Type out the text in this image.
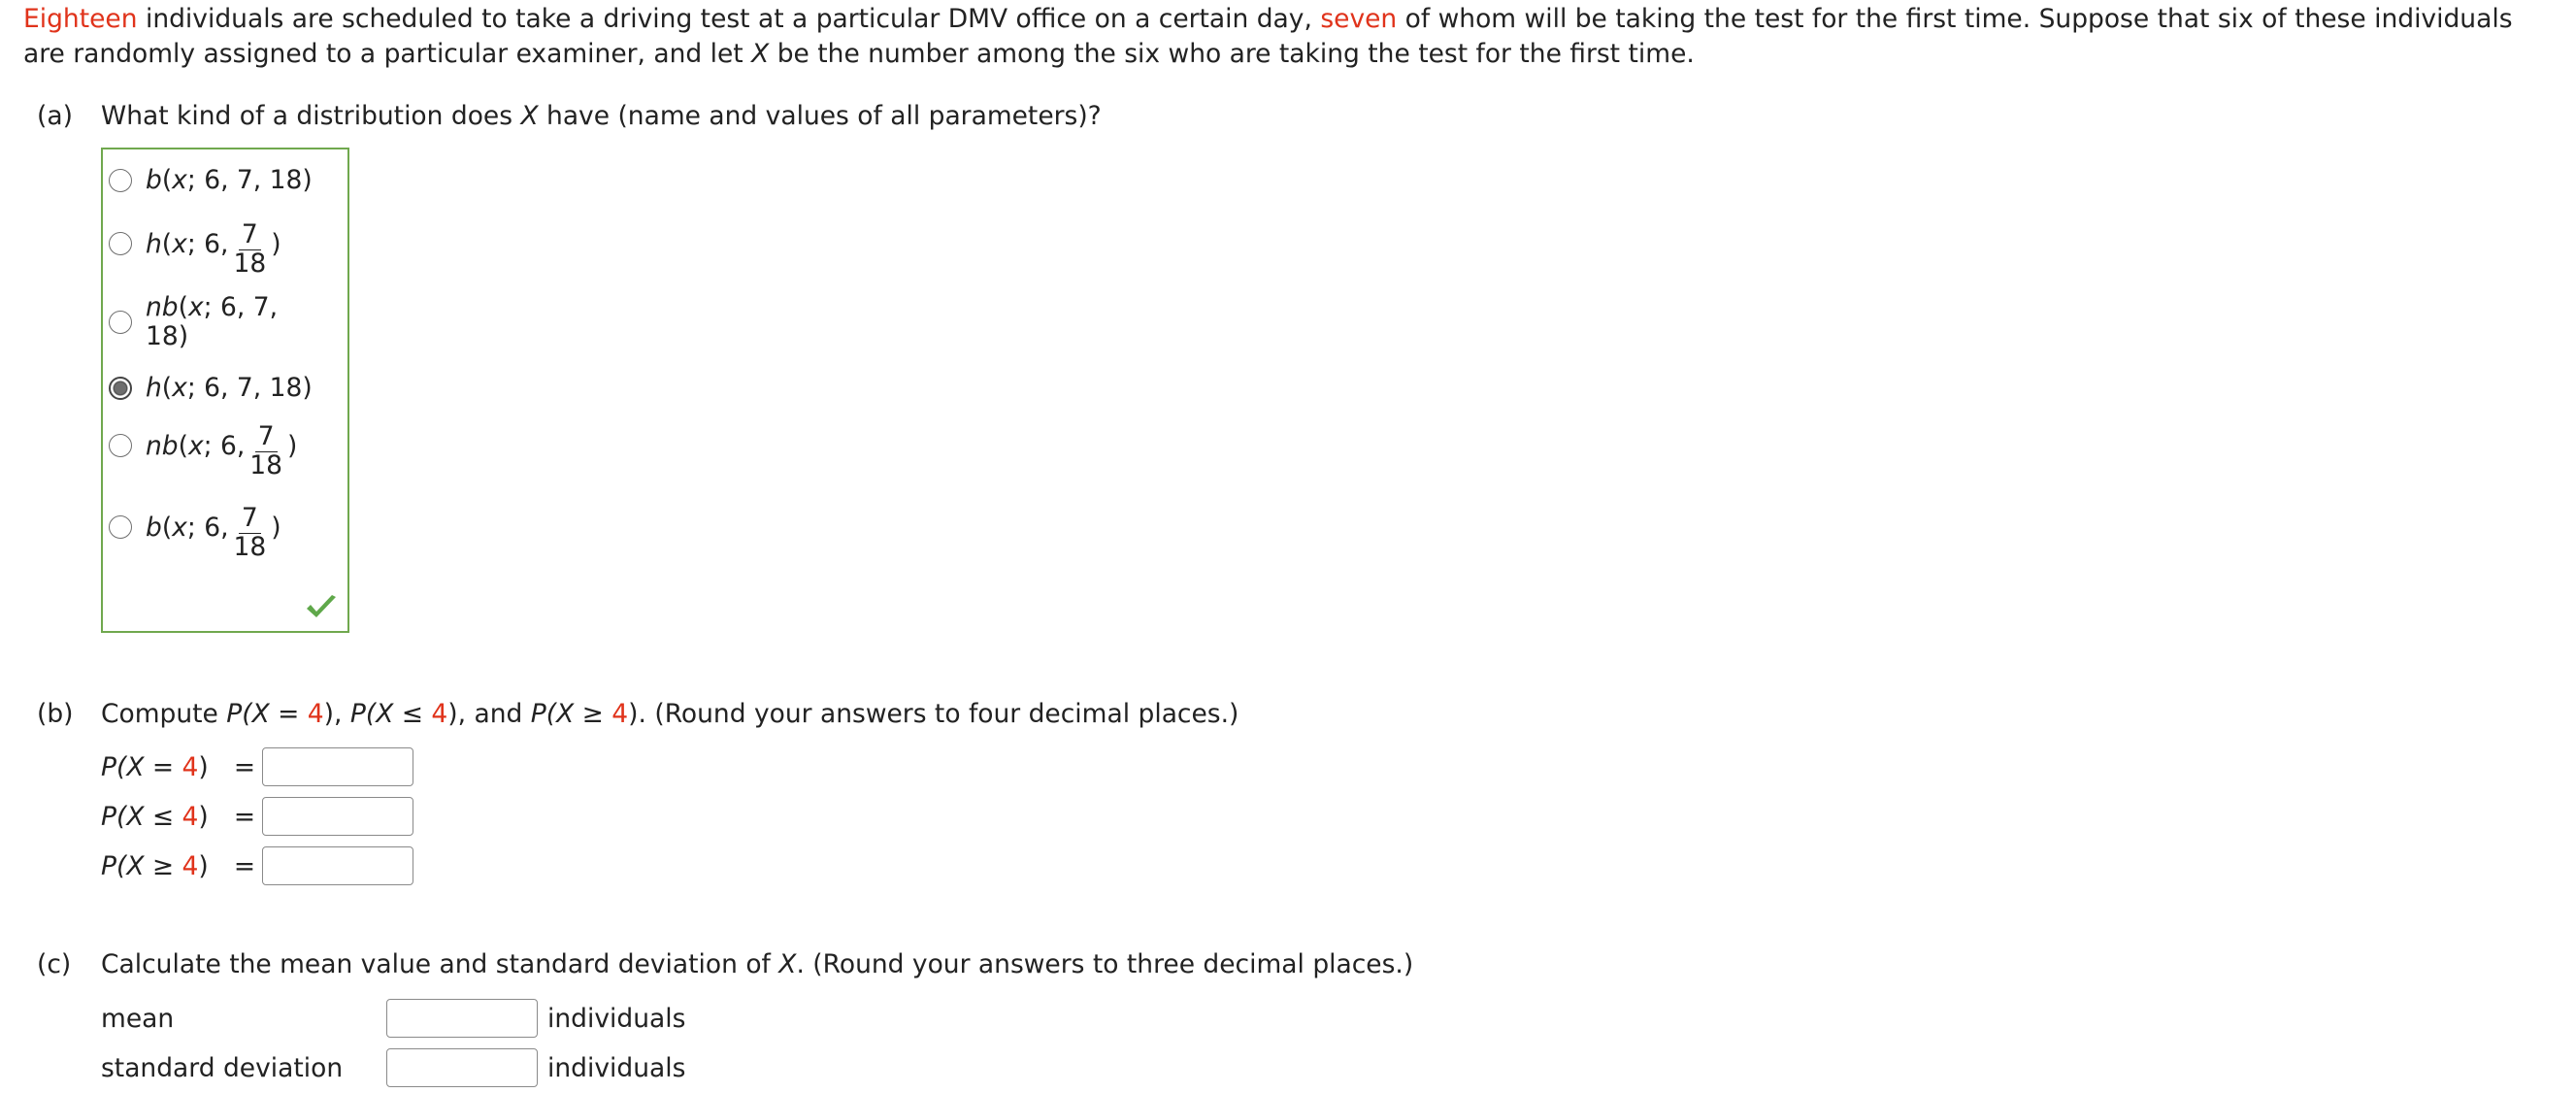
Eighteen individuals are scheduled to take a driving test at a particular DMV office on a certain day, seven of whom will be taking the test for the first time. Suppose that six of these individuals are randomly assigned to a particular examiner, and let X be the number among the six who are taking the test for the first time.
(a) What kind of a distribution does X have (name and values of all parameters)?
b ( x ; 6, 7, 18)
h (x; 6, $\frac{7}{18}$ )
nb(x; 6, 7, 18)
h ( x ; 6, 7, 18)
nb (x; 6, $\frac{7}{18}$ )
b (x; 6, $\frac{7}{18}$ )
(b) Compute P(X = 4), P(X ≤ 4), and P(X ≥ 4). (Round your answers to four decimal places.)
P(X = 4) =
P(X ≤ 4) =
P(X ≥ 4) =
(c) Calculate the mean value and standard deviation of X. (Round your answers to three decimal places.)
mean	individuals
standard deviation	individuals
